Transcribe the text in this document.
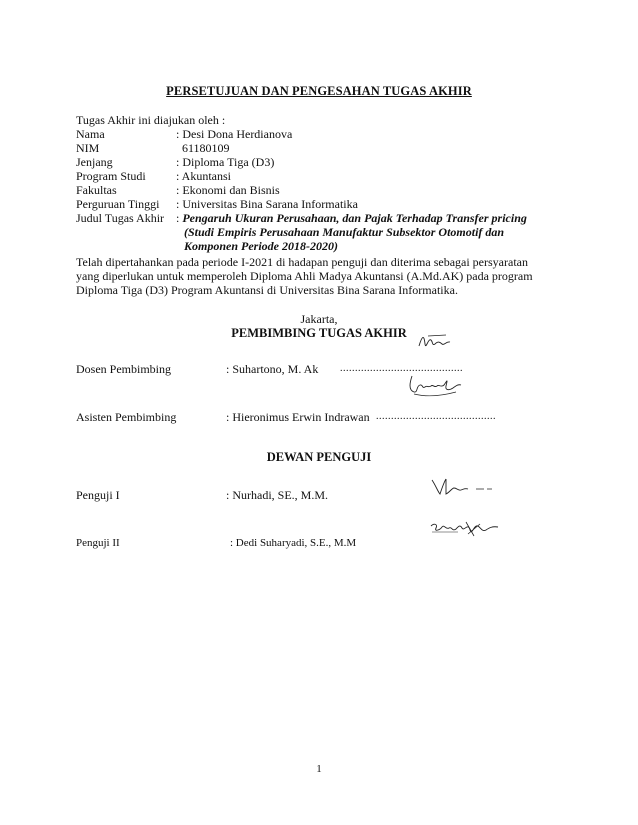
PERSETUJUAN DAN PENGESAHAN TUGAS AKHIR
Tugas Akhir ini diajukan oleh :
Nama	: Desi Dona Herdianova
NIM	61180109
Jenjang	: Diploma Tiga (D3)
Program Studi	: Akuntansi
Fakultas	: Ekonomi dan Bisnis
Perguruan Tinggi : Universitas Bina Sarana Informatika
Judul Tugas Akhir : Pengaruh Ukuran Perusahaan, dan Pajak Terhadap Transfer pricing
(Studi Empiris Perusahaan Manufaktur Subsektor Otomotif dan
Komponen Periode 2018-2020)
Telah dipertahankan pada periode I-2021 di hadapan penguji dan diterima sebagai persyaratan
yang diperlukan untuk memperoleh Diploma Ahli Madya Akuntansi (A.Md.AK) pada program
Diploma Tiga (D3) Program Akuntansi di Universitas Bina Sarana Informatika.
Jakarta,
PEMBIMBING TUGAS AKHIR
Dosen Pembimbing	: Suhartono, M. Ak .........................................
Asisten Pembimbing	: Hieronimus Erwin Indrawan ........................................
DEWAN PENGUJI
Penguji I	: Nurhadi, SE., M.M.
Penguji II	: Dedi Suharyadi, S.E., M.M
1
